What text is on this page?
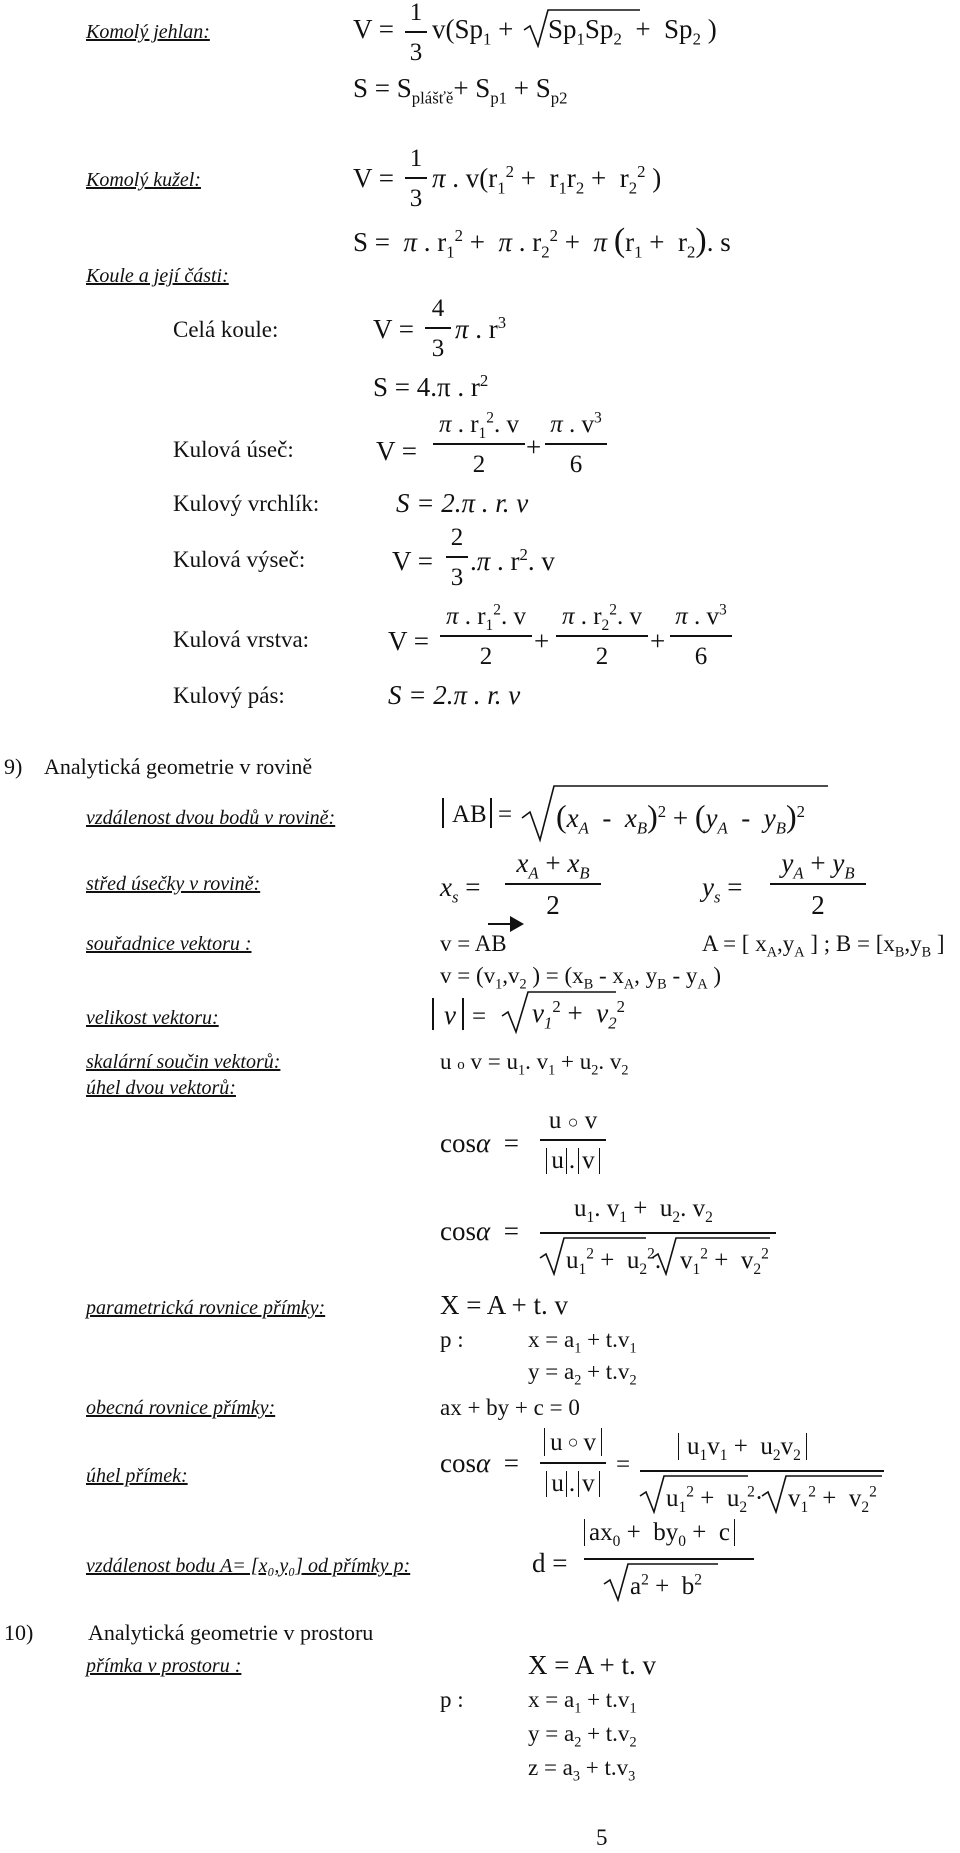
Komolý jehlan:	V =
1
3
$v(Sp_1 + Sp_1Sp_2 + Sp_2$ )
$S = S_{plášťě}+ S_{p1} + S_{p2}$
Komolý kužel:	V =
1
3
π . $v(r_1^2 + r_1r_2 + r_2^2$ )
S =  π . $r_1^2 + \pi$ . $r_2^2 + \pi$ $(r_1 + r_2)$. s
Koule a její části:
Celá koule:	V =
4
3
π . $r^3$
S = 4.π . $r^2$
Kulová úseč:	V =
π . $r_1^2$. v
2
+
π . $v^3$
6
Kulový vrchlík:	S = 2.π . r. v
Kulová výseč:	V =
2
3
.π . $r^2$. v
Kulová vrstva:	V =
π . $r_1^2$. v
2 +
π . $r_2^2$. v
2 +
π . $v^3$
6
Kulový pás:	S = 2.π . r. v
9) Analytická geometrie v rovině
vzdálenost dvou bodů v rovině:	AB = $(x_A - x_B)^2 + (y_A - y_B)^2$
střed úsečky v rovině:	$x_s$ =
$x_A + x_B$
2
$y_s$ =
$y_A + y_B$
2
souřadnice vektoru :	v = AB	A = [ $x_A,y_A$ ] ; $B = [x_B,y_B$ ]
$v = (v_1,v_2$ ) = ($x_B - x_A$, $y_B - y_A$ )
velikost vektoru:	$v = v_1^2 + v_2^2$
skalární součin vektorů:	u o $v = u_1$. $v_1 + u_2$. $v_2$
úhel dvou vektorů:
cosα  =
u ○ v
u . v
cosα  =
$u_1$. $v_1 + u_2$. $v_2$
$u_1^2 + u_2^2$. $v_1^2 + v_2^2$
parametrická rovnice přímky:	X = A + t. v
p :	$x = a_1 + t.v_1$
$y = a_2 + t.v_2$
obecná rovnice přímky:	ax + by + c = 0
úhel přímek:	cosα  =
u ○ v
u . v
=
$u_1v_1 + u_2v_2$
$u_1^2 + u_2^2\cdot v_1^2 + v_2^2$
vzdálenost bodu A= [x₀,y₀] od přímky p:	d =
$ax_0 + by_0 + c$
$a^2 + b^2$
10) Analytická geometrie v prostoru
přímka v prostoru :	X = A + t. v
p :	$x = a_1 + t.v_1$
$y = a_2 + t.v_2$
$z = a_3 + t.v_3$
5
